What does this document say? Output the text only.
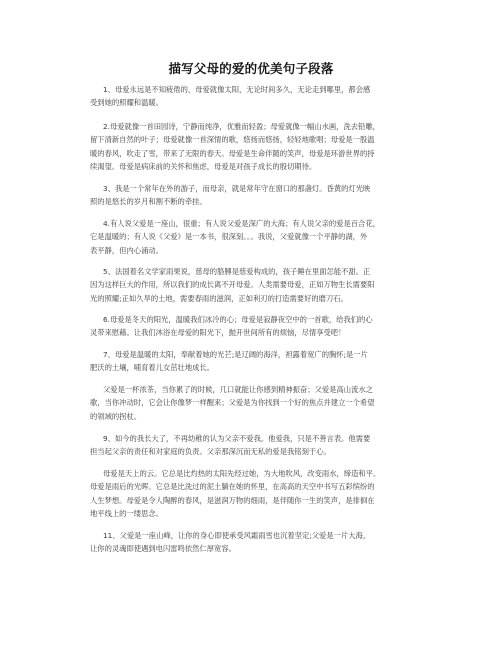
描写父母的爱的优美句子段落
1、母爱永远是不知疲倦的，母爱就像太阳，无论时间多久，无论走到哪里，都会感
受到她的照耀和温暖。
2.母爱就像一首田园诗，宁静而纯净，优雅而轻盈；母爱就像一幅山水画，洗去铅雕，
留下清新自然的叶子；母爱就像一首深情的歌，悠扬而悠扬，轻轻地歌唱；母爱是一股温
暖的春风，吹走了雪，带来了无限的春天。母爱是生命伴随的笑声，母爱是环游世界的持
续渴望。母爱是病床前的关怀和焦虑，母爱是对孩子成长的殷切期待。
3、我是一个常年在外的游子，而母亲，就是常年守在窗口的那盏灯。昏黄的灯光映
照的是悠长的岁月和割不断的牵挂。
4.有人说父爱是一座山，很重；有人说父爱是深广的大海；有人说父亲的爱是百合花，
它是温暖的；有人说《父爱》是一本书，很深刻。。。我说，父爱就像一个平静的湖，外
表平静，但内心涌动。
5、法国着名文学家雨果说，慈母的胳膊是慈爱构成的，孩子睡在里面怎能不甜。正
因为这样巨大的作用，所以我们的成长离不开母爱。人类需要母爱，正如万物生长需要阳
光的照耀;正如久旱的土地，需要春雨的滋润，正如利刃的打造需要好的磨刀石。
6.母爱是冬天的阳光，温暖我们冰冷的心；母爱是寂静夜空中的一首歌，给我们的心
灵带来慰藉。让我们沐浴在母爱的阳光下，抛开世间所有的烦恼，尽情享受吧！
7、母爱是温暖的太阳，奉献着她的光芒;是辽阔的海洋，袒露着宽广的胸怀;是一片
肥沃的土壤，哺育着儿女茁壮地成长。
父爱是一杯浓茶，当你累了的时候，几口就能让你感到精神振奋；父爱是高山流水之
歌，当你冲动时，它会让你像梦一样醒来；父爱是为你找到一个好的焦点并建立一个希望
的领域的拐杖。
9、如今的我长大了，不再幼稚的认为父亲不爱我。他爱我，只是不善言表。他需要
担当起父亲的责任和对家庭的负责。父亲那深沉而无私的爱是我铭刻于心。
母爱是天上的云。它总是比灼热的太阳先经过她，为大地吹风，改变雨水，缔造和平。
母爱是雨后的光晖。它总是比洗过的泥土躺在她的怀里，在高高的天空中书写五彩缤纷的
人生梦想。母爱是令人陶醉的春风，是滋润万物的细雨，是伴随你一生的笑声，是徘徊在
地平线上的一缕思念。
11、父爱是一座山峰，让你的身心即使承受风霜雨雪也沉着坚定;父爱是一片大海，
让你的灵魂即使遇到电闪雷鸣依然仁厚宽容。
